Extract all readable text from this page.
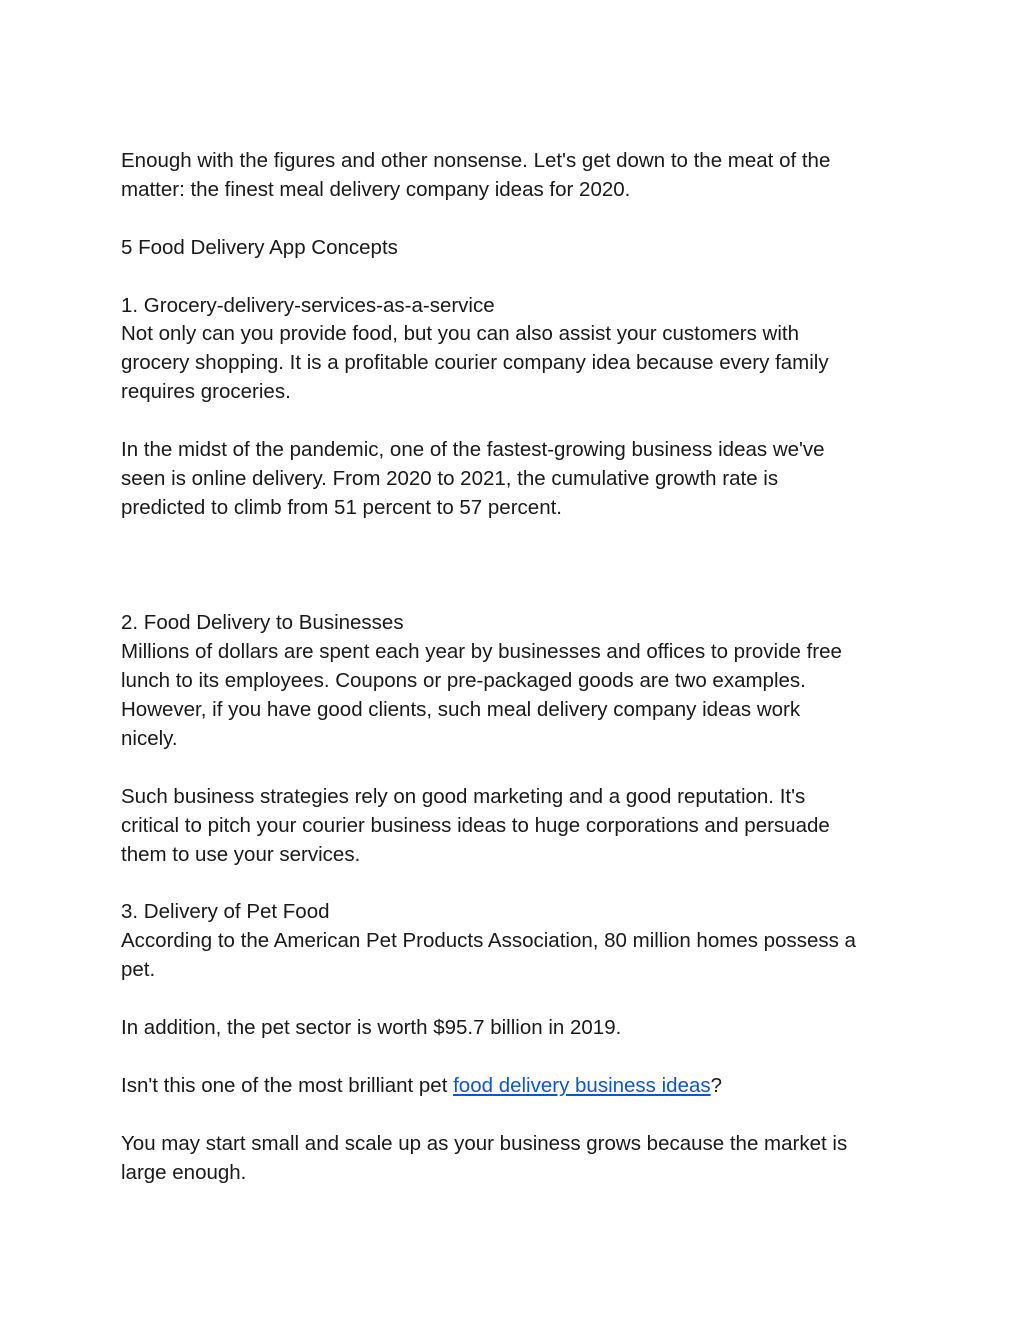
Enough with the figures and other nonsense. Let's get down to the meat of the
matter: the finest meal delivery company ideas for 2020.

5 Food Delivery App Concepts

1. Grocery-delivery-services-as-a-service
Not only can you provide food, but you can also assist your customers with
grocery shopping. It is a profitable courier company idea because every family
requires groceries.

In the midst of the pandemic, one of the fastest-growing business ideas we've
seen is online delivery. From 2020 to 2021, the cumulative growth rate is
predicted to climb from 51 percent to 57 percent.

2. Food Delivery to Businesses
Millions of dollars are spent each year by businesses and offices to provide free
lunch to its employees. Coupons or pre-packaged goods are two examples.
However, if you have good clients, such meal delivery company ideas work
nicely.

Such business strategies rely on good marketing and a good reputation. It's
critical to pitch your courier business ideas to huge corporations and persuade
them to use your services.

3. Delivery of Pet Food
According to the American Pet Products Association, 80 million homes possess a
pet.

In addition, the pet sector is worth $95.7 billion in 2019.

Isn't this one of the most brilliant pet food delivery business ideas?

You may start small and scale up as your business grows because the market is
large enough.
